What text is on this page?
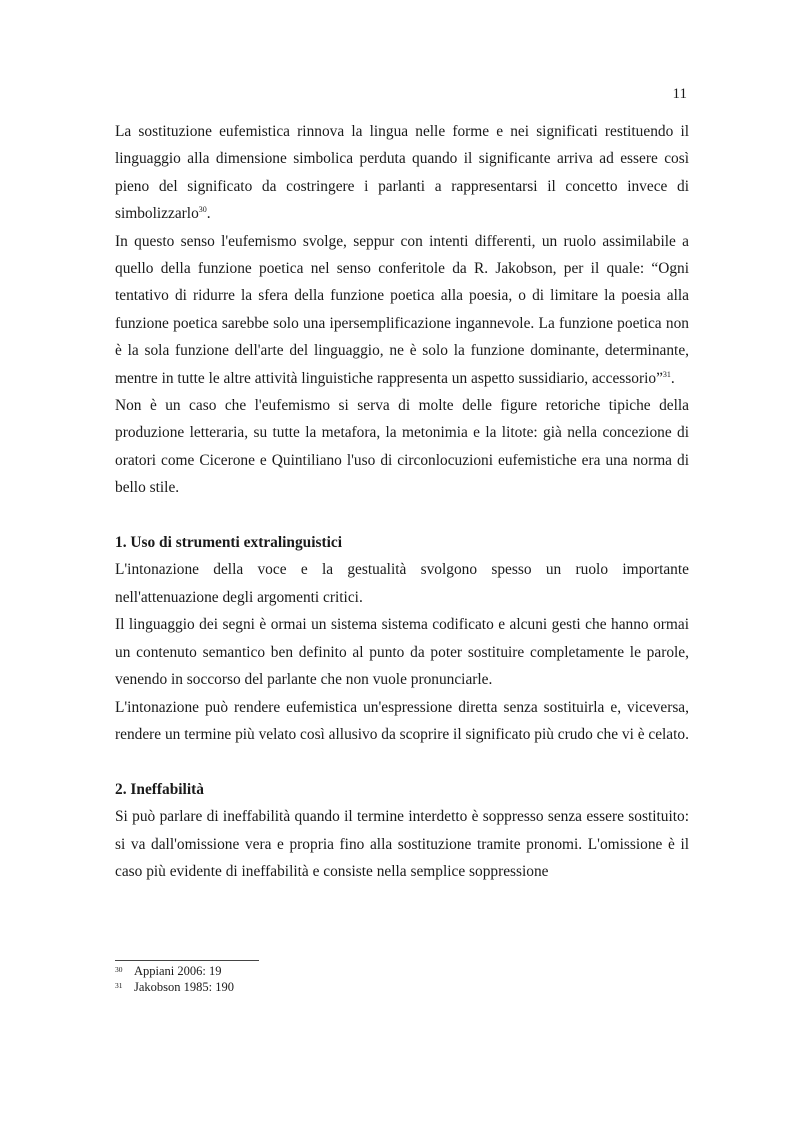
11

La sostituzione eufemistica rinnova la lingua nelle forme e nei significati restituendo il linguaggio alla dimensione simbolica perduta quando il significante arriva ad essere così pieno del significato da costringere i parlanti a rappresentarsi il concetto invece di simbolizzarlo$^{30}$.

In questo senso l'eufemismo svolge, seppur con intenti differenti, un ruolo assimilabile a quello della funzione poetica nel senso conferitole da R. Jakobson, per il quale: “Ogni tentativo di ridurre la sfera della funzione poetica alla poesia, o di limitare la poesia alla funzione poetica sarebbe solo una ipersemplificazione ingannevole. La funzione poetica non è la sola funzione dell'arte del linguaggio, ne è solo la funzione dominante, determinante, mentre in tutte le altre attività linguistiche rappresenta un aspetto sussidiario, accessorio”$^{31}$.

Non è un caso che l'eufemismo si serva di molte delle figure retoriche tipiche della produzione letteraria, su tutte la metafora, la metonimia e la litote: già nella concezione di oratori come Cicerone e Quintiliano l'uso di circonlocuzioni eufemistiche era una norma di bello stile.

1. Uso di strumenti extralinguistici

L'intonazione della voce e la gestualità svolgono spesso un ruolo importante nell'attenuazione degli argomenti critici.

Il linguaggio dei segni è ormai un sistema sistema codificato e alcuni gesti che hanno ormai un contenuto semantico ben definito al punto da poter sostituire completamente le parole, venendo in soccorso del parlante che non vuole pronunciarle.

L'intonazione può rendere eufemistica un'espressione diretta senza sostituirla e, viceversa, rendere un termine più velato così allusivo da scoprire il significato più crudo che vi è celato.

2. Ineffabilità

Si può parlare di ineffabilità quando il termine interdetto è soppresso senza essere sostituito: si va dall'omissione vera e propria fino alla sostituzione tramite pronomi. L'omissione è il caso più evidente di ineffabilità e consiste nella semplice soppressione

30 Appiani 2006: 19
31 Jakobson 1985: 190
